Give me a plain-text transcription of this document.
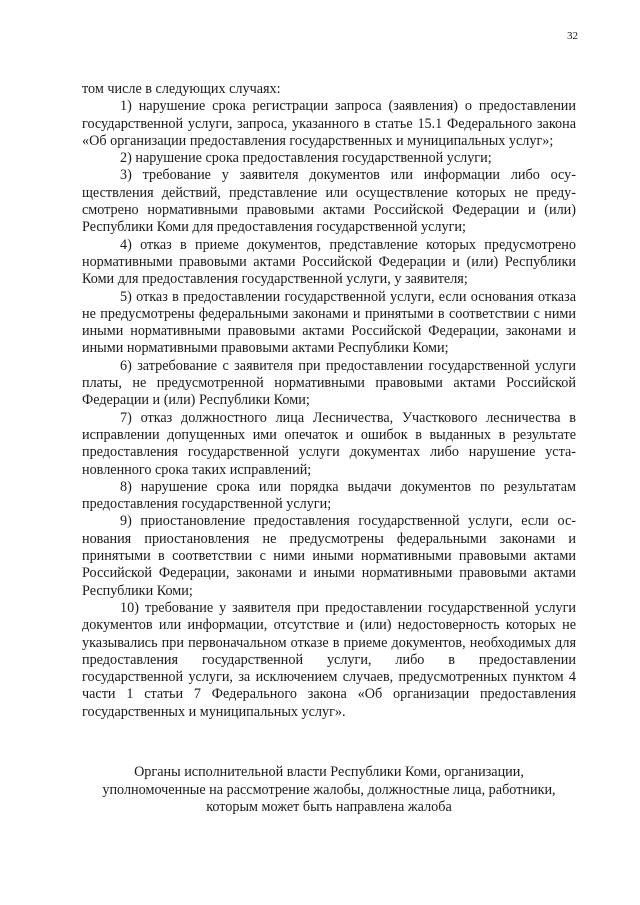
32

том числе в следующих случаях:

1) нарушение срока регистрации запроса (заявления) о предоставлении государственной услуги, запроса, указанного в статье 15.1 Федерального закона «Об организации предоставления государственных и муниципальных услуг»;

2) нарушение срока предоставления государственной услуги;

3) требование у заявителя документов или информации либо осуществления действий, представление или осуществление которых не предусмотрено нормативными правовыми актами Российской Федерации и (или) Республики Коми для предоставления государственной услуги;

4) отказ в приеме документов, представление которых предусмотрено нормативными правовыми актами Российской Федерации и (или) Республики Коми для предоставления государственной услуги, у заявителя;

5) отказ в предоставлении государственной услуги, если основания отказа не предусмотрены федеральными законами и принятыми в соответствии с ними иными нормативными правовыми актами Российской Федерации, законами и иными нормативными правовыми актами Республики Коми;

6) затребование с заявителя при предоставлении государственной услуги платы, не предусмотренной нормативными правовыми актами Российской Федерации и (или) Республики Коми;

7) отказ должностного лица Лесничества, Участкового лесничества в исправлении допущенных ими опечаток и ошибок в выданных в результате предоставления государственной услуги документах либо нарушение установленного срока таких исправлений;

8) нарушение срока или порядка выдачи документов по результатам предоставления государственной услуги;

9) приостановление предоставления государственной услуги, если основания приостановления не предусмотрены федеральными законами и принятыми в соответствии с ними иными нормативными правовыми актами Российской Федерации, законами и иными нормативными правовыми актами Республики Коми;

10) требование у заявителя при предоставлении государственной услуги документов или информации, отсутствие и (или) недостоверность которых не указывались при первоначальном отказе в приеме документов, необходимых для предоставления государственной услуги, либо в предоставлении государственной услуги, за исключением случаев, предусмотренных пунктом 4 части 1 статьи 7 Федерального закона «Об организации предоставления государственных и муниципальных услуг».

Органы исполнительной власти Республики Коми, организации,
уполномоченные на рассмотрение жалобы, должностные лица, работники,
которым может быть направлена жалоба
